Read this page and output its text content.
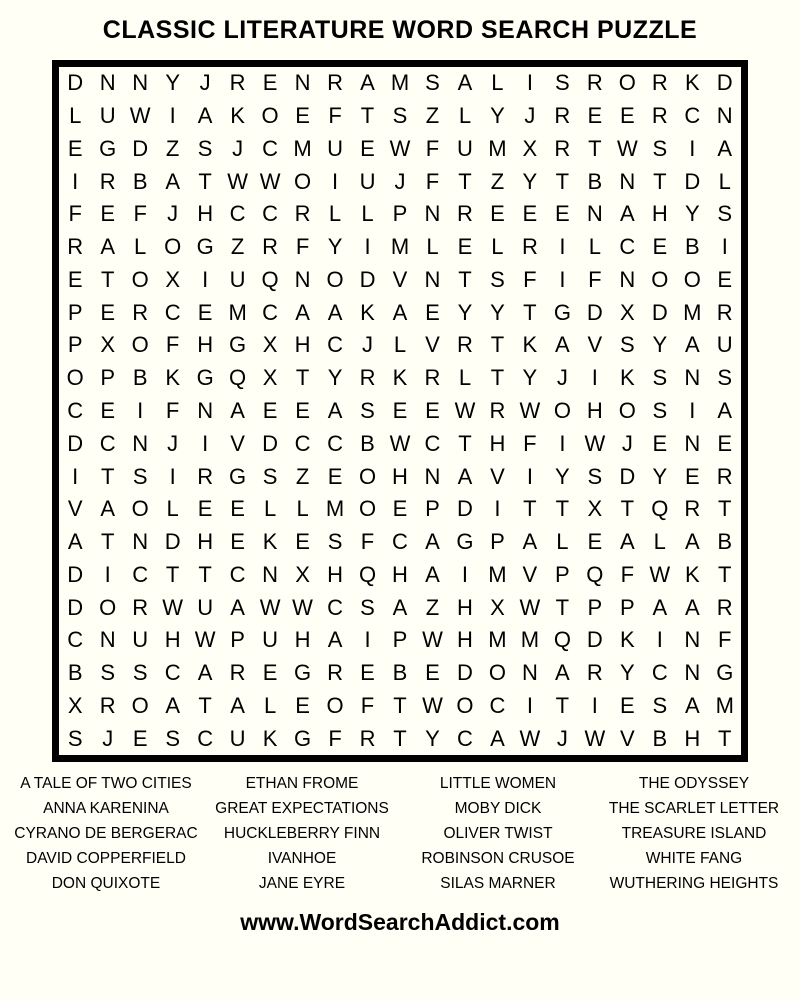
CLASSIC LITERATURE WORD SEARCH PUZZLE
D N N Y J R E N R A M S A L	I	S R O R K D
L U W I	A K O E F T S Z L Y J R E E R C N
E G D Z S J C M U E W F U M X R T W S	I	A
I R B A T W W O I U J F T Z Y T B N T D L
F E F J H C C R L L P N R E E E N A H Y S
R A L O G Z R F Y	I M L E L R I	L C E B	I
E T O X	I U Q N O D V N T S F	I	F N O O E
P E R C E M C A A K A E Y Y T G D X D M R
P X O F H G X H C J L V R T K A V S Y A U
O P B K G Q X T Y R K R L T Y J	I	K S N S
C E	I	F N A E E A S E E W R W O H O S	I	A
D C N J	I	V D C C B W C T H F	I W J E N E
I	T S	I R G S Z E O H N A V	I	Y S D Y E R
V A O L E E L L M O E P D I	T T X T Q R T
A T N D H E K E S F C A G P A L E A L A B
D I C T T C N X H Q H A	I M V P Q F W K T
D O R W U A W W C S A Z H X W T P P A A R
C N U H W P U H A	I	P W H M M Q D K	I N F
B S S C A R E G R E B E D O N A R Y C N G
X R O A T A L E O F T W O C I	T	I	E S A M
S J E S C U K G F R T Y C A W J W V B H T
A TALE OF TWO CITIES
ANNA KARENINA
CYRANO DE BERGERAC
DAVID COPPERFIELD
DON QUIXOTE
ETHAN FROME
GREAT EXPECTATIONS
HUCKLEBERRY FINN
IVANHOE
JANE EYRE
LITTLE WOMEN
MOBY DICK
OLIVER TWIST
ROBINSON CRUSOE
SILAS MARNER
THE ODYSSEY
THE SCARLET LETTER
TREASURE ISLAND
WHITE FANG
WUTHERING HEIGHTS
www.WordSearchAddict.com
